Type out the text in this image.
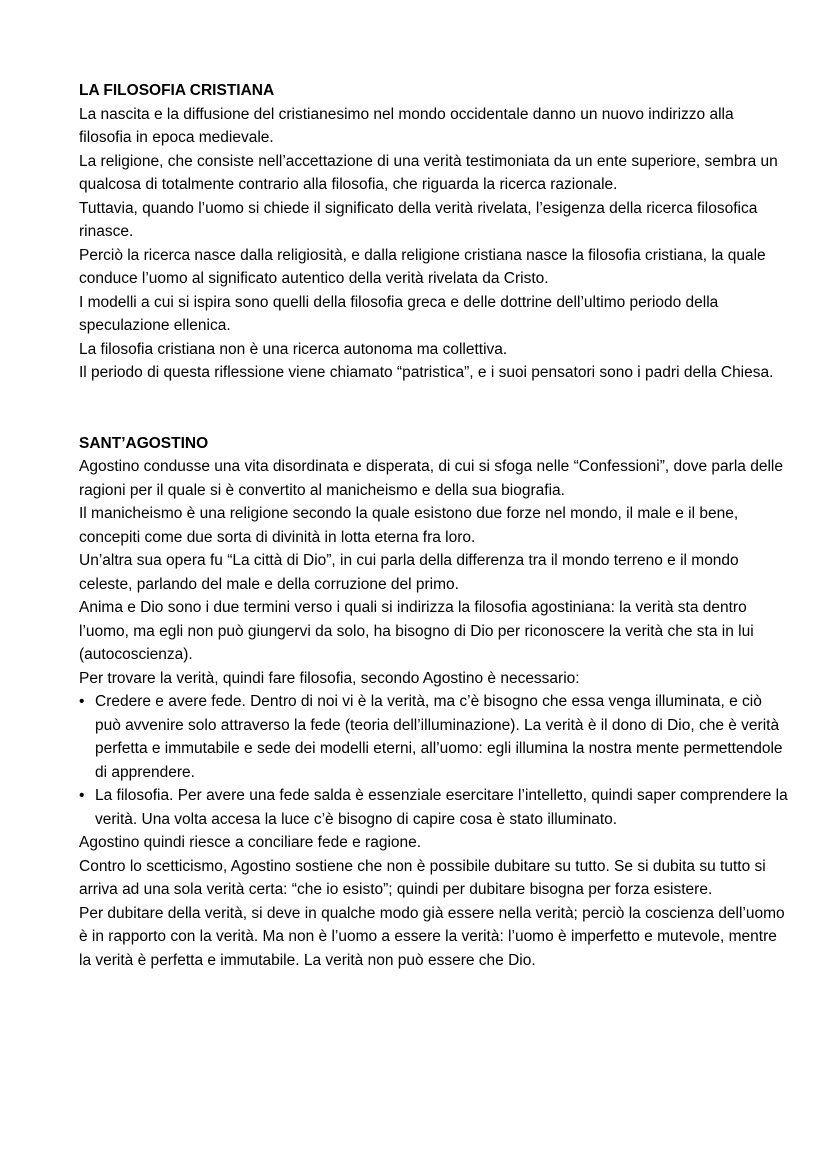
LA FILOSOFIA CRISTIANA

La nascita e la diffusione del cristianesimo nel mondo occidentale danno un nuovo indirizzo alla filosofia in epoca medievale.

La religione, che consiste nell’accettazione di una verità testimoniata da un ente superiore, sembra un qualcosa di totalmente contrario alla filosofia, che riguarda la ricerca razionale.

Tuttavia, quando l’uomo si chiede il significato della verità rivelata, l’esigenza della ricerca filosofica rinasce.

Perciò la ricerca nasce dalla religiosità, e dalla religione cristiana nasce la filosofia cristiana, la quale conduce l’uomo al significato autentico della verità rivelata da Cristo.

I modelli a cui si ispira sono quelli della filosofia greca e delle dottrine dell’ultimo periodo della speculazione ellenica.

La filosofia cristiana non è una ricerca autonoma ma collettiva.

Il periodo di questa riflessione viene chiamato “patristica”, e i suoi pensatori sono i padri della Chiesa.

SANT’AGOSTINO

Agostino condusse una vita disordinata e disperata, di cui si sfoga nelle “Confessioni”, dove parla delle ragioni per il quale si è convertito al manicheismo e della sua biografia.

Il manicheismo è una religione secondo la quale esistono due forze nel mondo, il male e il bene, concepiti come due sorta di divinità in lotta eterna fra loro.

Un’altra sua opera fu “La città di Dio”, in cui parla della differenza tra il mondo terreno e il mondo celeste, parlando del male e della corruzione del primo.

Anima e Dio sono i due termini verso i quali si indirizza la filosofia agostiniana: la verità sta dentro l’uomo, ma egli non può giungervi da solo, ha bisogno di Dio per riconoscere la verità che sta in lui (autocoscienza).

Per trovare la verità, quindi fare filosofia, secondo Agostino è necessario:

• Credere e avere fede. Dentro di noi vi è la verità, ma c’è bisogno che essa venga illuminata, e ciò può avvenire solo attraverso la fede (teoria dell’illuminazione). La verità è il dono di Dio, che è verità perfetta e immutabile e sede dei modelli eterni, all’uomo: egli illumina la nostra mente permettendole di apprendere.
• La filosofia. Per avere una fede salda è essenziale esercitare l’intelletto, quindi saper comprendere la verità. Una volta accesa la luce c’è bisogno di capire cosa è stato illuminato.

Agostino quindi riesce a conciliare fede e ragione.

Contro lo scetticismo, Agostino sostiene che non è possibile dubitare su tutto. Se si dubita su tutto si arriva ad una sola verità certa: “che io esisto”; quindi per dubitare bisogna per forza esistere.

Per dubitare della verità, si deve in qualche modo già essere nella verità; perciò la coscienza dell’uomo è in rapporto con la verità. Ma non è l’uomo a essere la verità: l’uomo è imperfetto e mutevole, mentre la verità è perfetta e immutabile. La verità non può essere che Dio.
